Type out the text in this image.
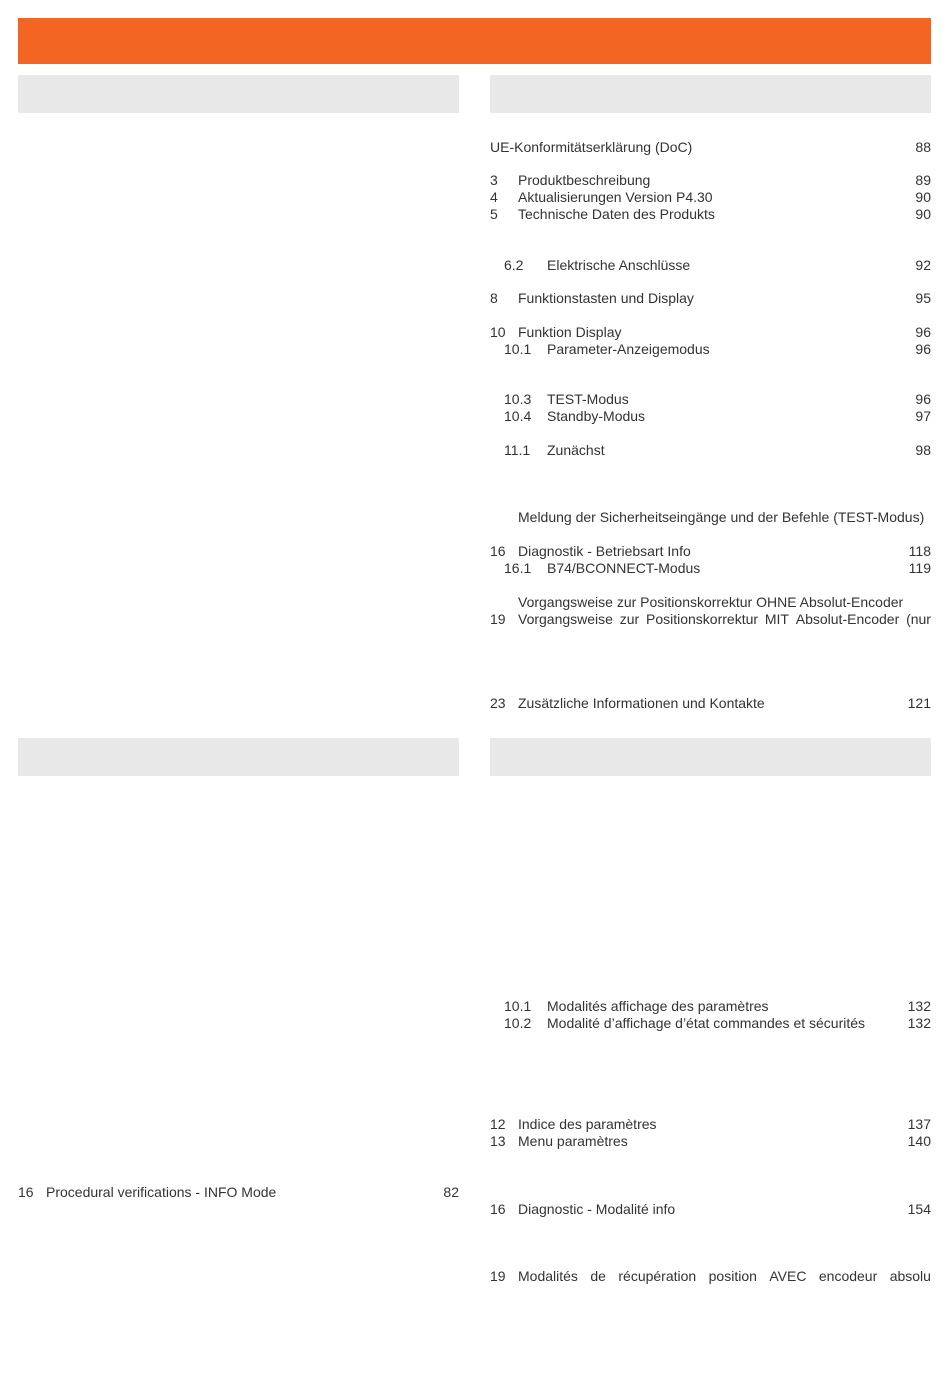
UE-Konformitätserklärung (DoC)	88
3 Produktbeschreibung	89
4 Aktualisierungen Version P4.30	90
5 Technische Daten des Produkts	90
6.2 Elektrische Anschlüsse	92
8 Funktionstasten und Display	95
10 Funktion Display	96
10.1 Parameter-Anzeigemodus	96
10.3 TEST-Modus	96
10.4 Standby-Modus	97
11.1 Zunächst	98
Meldung der Sicherheitseingänge und der Befehle (TEST-Modus)
16 Diagnostik - Betriebsart Info	118
16.1 B74/BCONNECT-Modus	119
Vorgangsweise zur Positionskorrektur OHNE Absolut-Encoder
19 Vorgangsweise zur Positionskorrektur MIT Absolut-Encoder (nur
23 Zusätzliche Informationen und Kontakte	121
16 Procedural verifications - INFO Mode	82
10.1 Modalités affichage des paramètres	132
10.2 Modalité d’affichage d’état commandes et sécurités	132
12 Indice des paramètres	137
13 Menu paramètres	140
16 Diagnostic - Modalité info	154
19 Modalités de récupération position AVEC encodeur absolu
